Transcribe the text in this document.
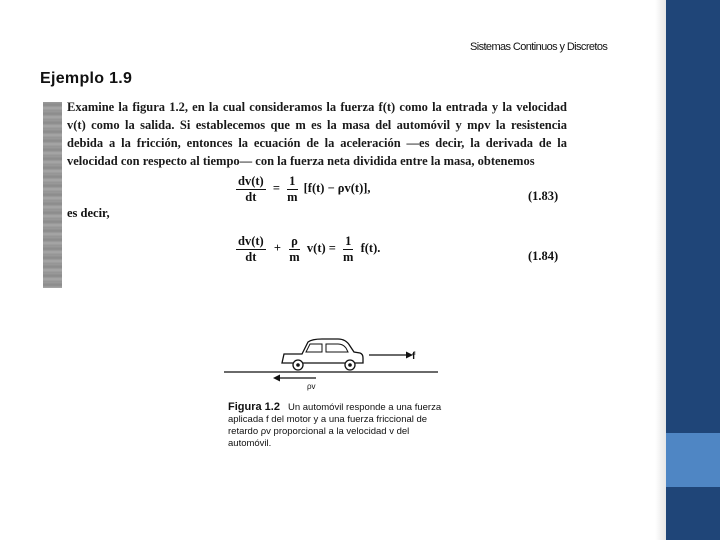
Sistemas Continuos y Discretos
Ejemplo 1.9
Examine la figura 1.2, en la cual consideramos la fuerza f(t) como la entrada y la velocidad v(t) como la salida. Si establecemos que m es la masa del automóvil y mρv la resistencia debida a la fricción, entonces la ecuación de la aceleración —es decir, la derivada de la velocidad con respecto al tiempo— con la fuerza neta dividida entre la masa, obtenemos
$\frac{dv(t)}{dt} = \frac{1}{m} [f(t) - \rho v(t)]$,
(1.83)
es decir,
$\frac{dv(t)}{dt} + \frac{\rho}{m} v(t) = \frac{1}{m} f(t)$.
(1.84)
f
ρv
Figura 1.2 Un automóvil responde a una fuerza aplicada f del motor y a una fuerza friccional de retardo ρv proporcional a la velocidad v del automóvil.
